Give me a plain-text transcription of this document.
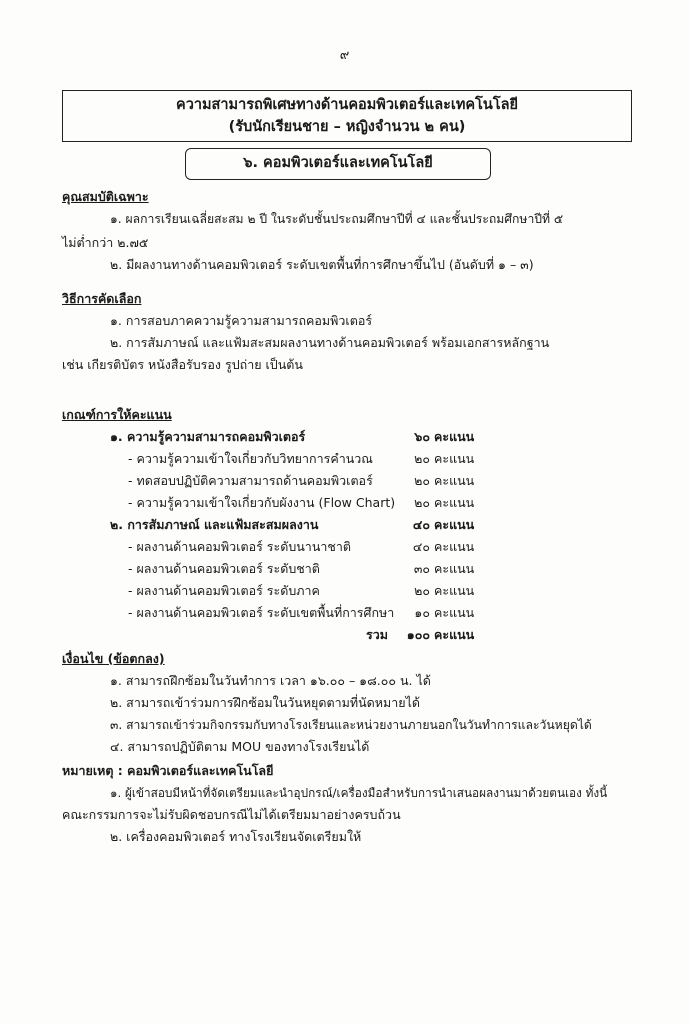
๙
ความสามารถพิเศษทางด้านคอมพิวเตอร์และเทคโนโลยี
(รับนักเรียนชาย – หญิงจำนวน ๒ คน)
๖. คอมพิวเตอร์และเทคโนโลยี
คุณสมบัติเฉพาะ
๑. ผลการเรียนเฉลี่ยสะสม ๒ ปี ในระดับชั้นประถมศึกษาปีที่ ๔ และชั้นประถมศึกษาปีที่ ๕
ไม่ต่ำกว่า ๒.๗๕
๒. มีผลงานทางด้านคอมพิวเตอร์ ระดับเขตพื้นที่การศึกษาขึ้นไป (อันดับที่ ๑ – ๓)
วิธีการคัดเลือก
๑. การสอบภาคความรู้ความสามารถคอมพิวเตอร์
๒. การสัมภาษณ์ และแฟ้มสะสมผลงานทางด้านคอมพิวเตอร์ พร้อมเอกสารหลักฐาน
เช่น เกียรติบัตร หนังสือรับรอง รูปถ่าย เป็นต้น
เกณฑ์การให้คะแนน
๑. ความรู้ความสามารถคอมพิวเตอร์	๖๐ คะแนน
- ความรู้ความเข้าใจเกี่ยวกับวิทยาการคำนวณ	๒๐ คะแนน
- ทดสอบปฏิบัติความสามารถด้านคอมพิวเตอร์	๒๐ คะแนน
- ความรู้ความเข้าใจเกี่ยวกับผังงาน (Flow Chart)	๒๐ คะแนน
๒. การสัมภาษณ์ และแฟ้มสะสมผลงาน	๔๐ คะแนน
- ผลงานด้านคอมพิวเตอร์ ระดับนานาชาติ	๔๐ คะแนน
- ผลงานด้านคอมพิวเตอร์ ระดับชาติ	๓๐ คะแนน
- ผลงานด้านคอมพิวเตอร์ ระดับภาค	๒๐ คะแนน
- ผลงานด้านคอมพิวเตอร์ ระดับเขตพื้นที่การศึกษา	๑๐ คะแนน
รวม	๑๐๐ คะแนน
เงื่อนไข (ข้อตกลง)
๑. สามารถฝึกซ้อมในวันทำการ เวลา ๑๖.๐๐ – ๑๘.๐๐ น. ได้
๒. สามารถเข้าร่วมการฝึกซ้อมในวันหยุดตามที่นัดหมายได้
๓. สามารถเข้าร่วมกิจกรรมกับทางโรงเรียนและหน่วยงานภายนอกในวันทำการและวันหยุดได้
๔. สามารถปฏิบัติตาม MOU ของทางโรงเรียนได้
หมายเหตุ : คอมพิวเตอร์และเทคโนโลยี
๑. ผู้เข้าสอบมีหน้าที่จัดเตรียมและนำอุปกรณ์/เครื่องมือสำหรับการนำเสนอผลงานมาด้วยตนเอง ทั้งนี้
คณะกรรมการจะไม่รับผิดชอบกรณีไม่ได้เตรียมมาอย่างครบถ้วน
๒. เครื่องคอมพิวเตอร์ ทางโรงเรียนจัดเตรียมให้
